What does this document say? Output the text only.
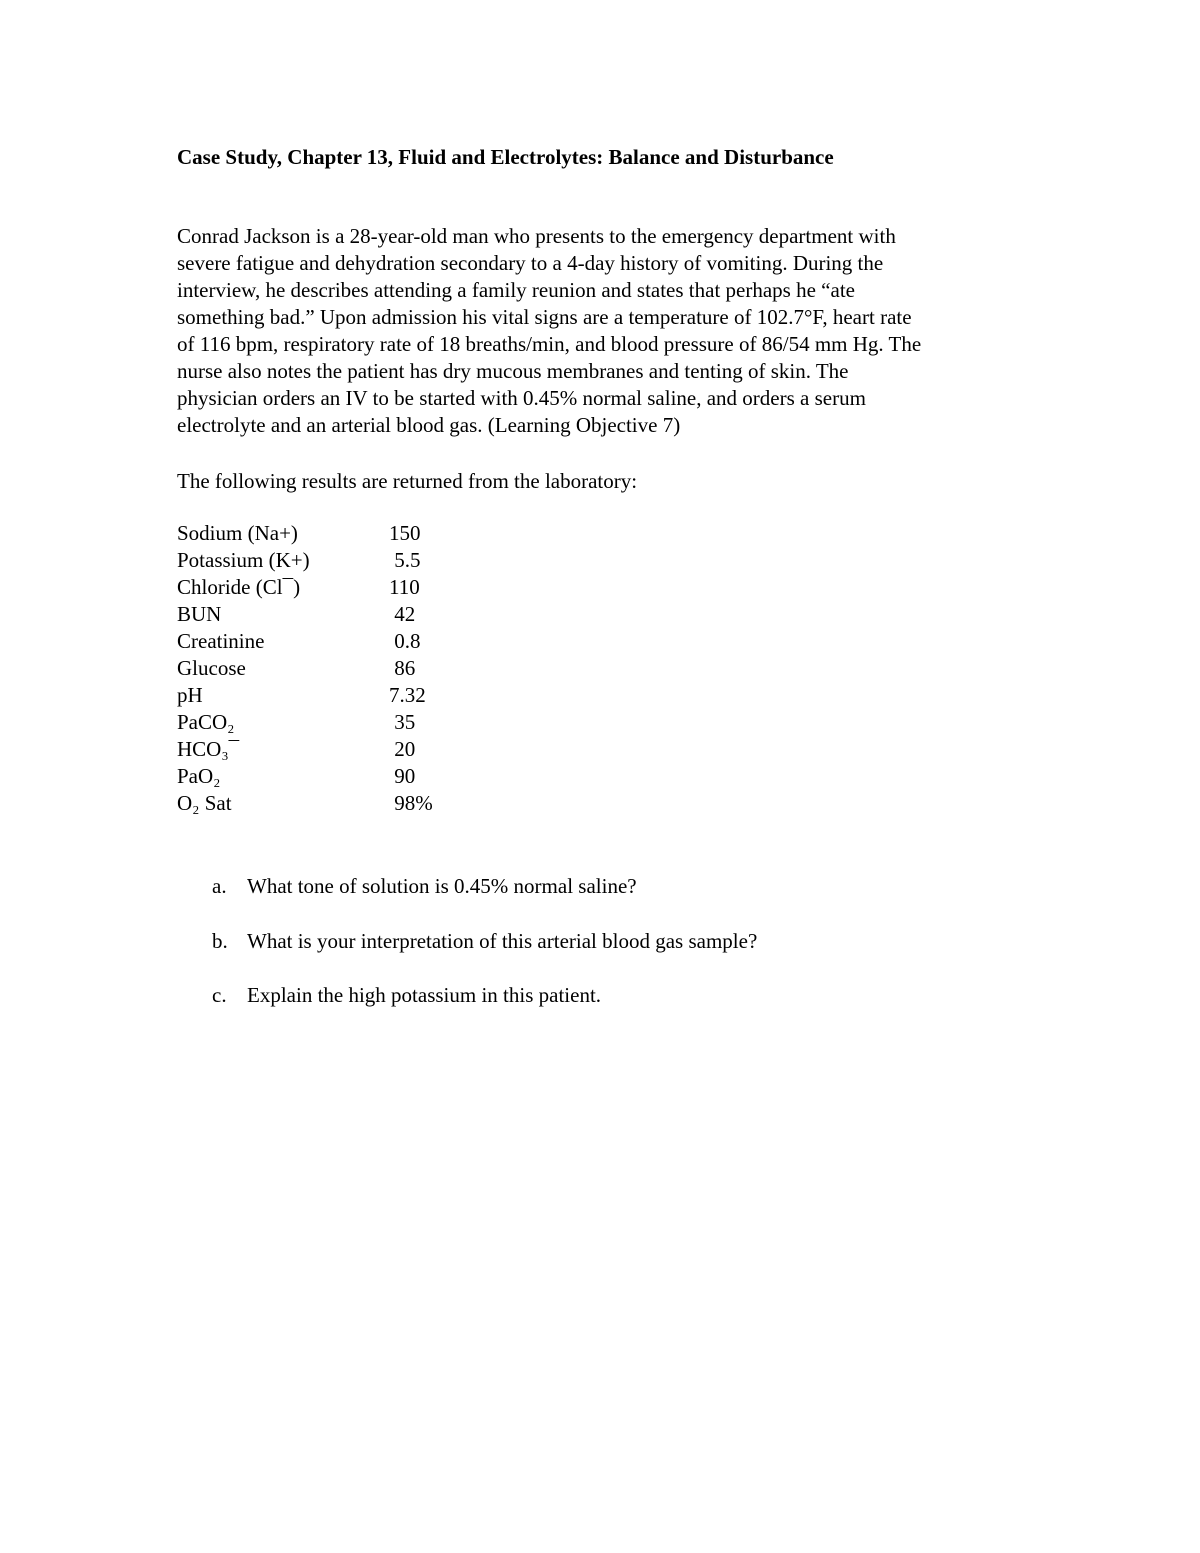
Case Study, Chapter 13, Fluid and Electrolytes: Balance and Disturbance
Conrad Jackson is a 28-year-old man who presents to the emergency department with
severe fatigue and dehydration secondary to a 4-day history of vomiting. During the
interview, he describes attending a family reunion and states that perhaps he “ate
something bad.” Upon admission his vital signs are a temperature of 102.7°F, heart rate
of 116 bpm, respiratory rate of 18 breaths/min, and blood pressure of 86/54 mm Hg. The
nurse also notes the patient has dry mucous membranes and tenting of skin. The
physician orders an IV to be started with 0.45% normal saline, and orders a serum
electrolyte and an arterial blood gas. (Learning Objective 7)
The following results are returned from the laboratory:
Sodium (Na+)	150
Potassium (K+)	5.5
Chloride (Cl¯)	110
BUN	42
Creatinine	0.8
Glucose	86
pH	7.32
PaCO₂	35
HCO₃¯	20
PaO₂	90
O₂ Sat	98%
a. What tone of solution is 0.45% normal saline?
b. What is your interpretation of this arterial blood gas sample?
c. Explain the high potassium in this patient.
